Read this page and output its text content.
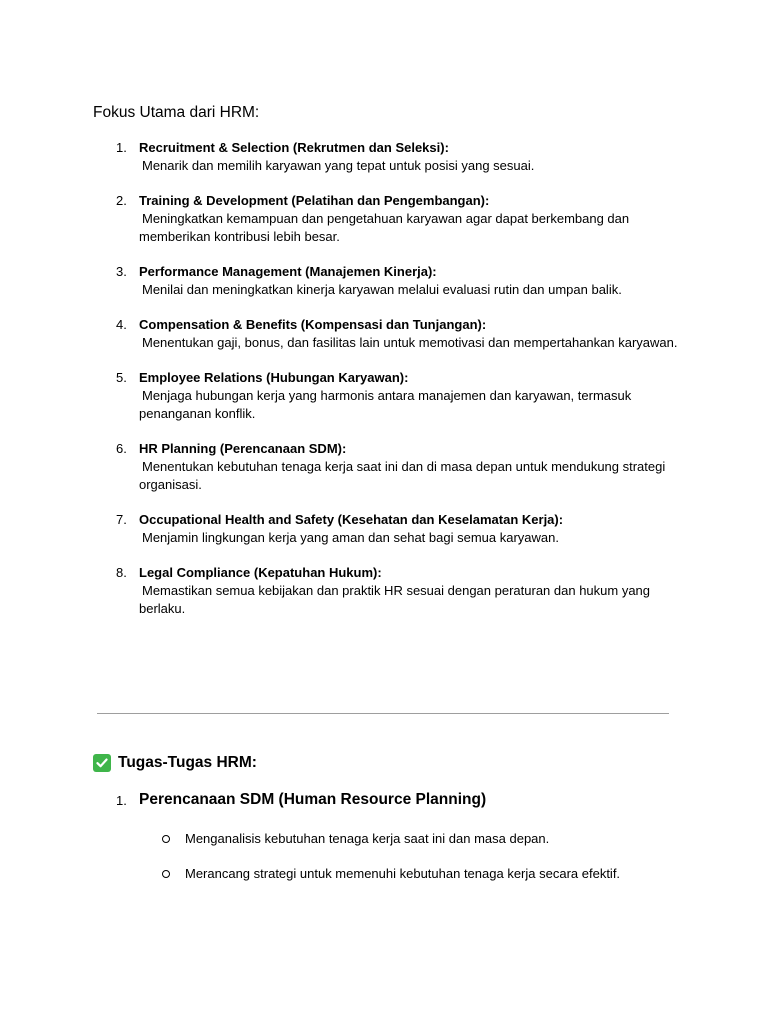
Fokus Utama dari HRM:
1. Recruitment & Selection (Rekrutmen dan Seleksi):
Menarik dan memilih karyawan yang tepat untuk posisi yang sesuai.
2. Training & Development (Pelatihan dan Pengembangan):
Meningkatkan kemampuan dan pengetahuan karyawan agar dapat berkembang dan memberikan kontribusi lebih besar.
3. Performance Management (Manajemen Kinerja):
Menilai dan meningkatkan kinerja karyawan melalui evaluasi rutin dan umpan balik.
4. Compensation & Benefits (Kompensasi dan Tunjangan):
Menentukan gaji, bonus, dan fasilitas lain untuk memotivasi dan mempertahankan karyawan.
5. Employee Relations (Hubungan Karyawan):
Menjaga hubungan kerja yang harmonis antara manajemen dan karyawan, termasuk penanganan konflik.
6. HR Planning (Perencanaan SDM):
Menentukan kebutuhan tenaga kerja saat ini dan di masa depan untuk mendukung strategi organisasi.
7. Occupational Health and Safety (Kesehatan dan Keselamatan Kerja):
Menjamin lingkungan kerja yang aman dan sehat bagi semua karyawan.
8. Legal Compliance (Kepatuhan Hukum):
Memastikan semua kebijakan dan praktik HR sesuai dengan peraturan dan hukum yang berlaku.
Tugas-Tugas HRM:
1. Perencanaan SDM (Human Resource Planning)
Menganalisis kebutuhan tenaga kerja saat ini dan masa depan.
Merancang strategi untuk memenuhi kebutuhan tenaga kerja secara efektif.
